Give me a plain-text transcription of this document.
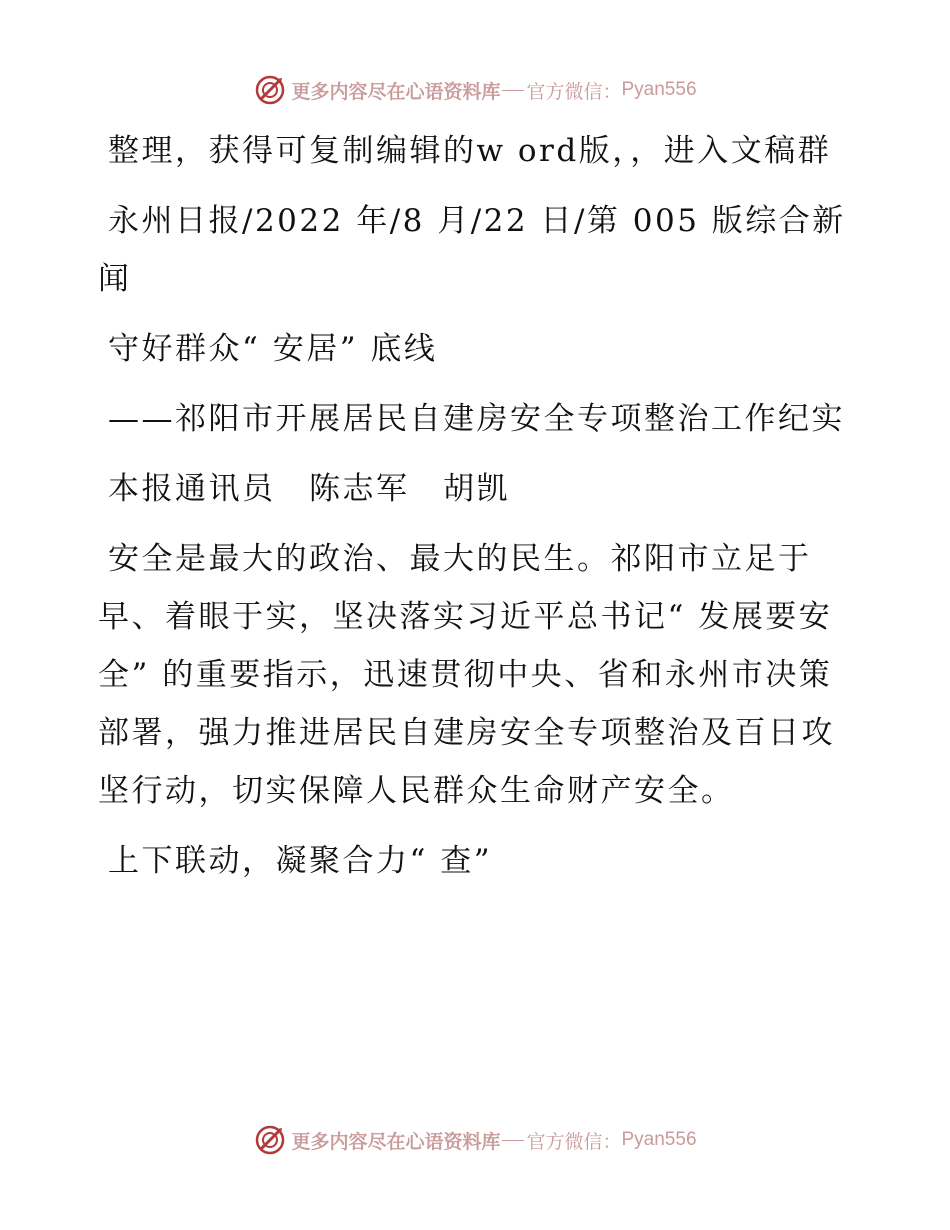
更多内容尽在心语资料库 官方微信： Pyan556

整理，获得可复制编辑的w ord版，，进入文稿群

永州日报/2022 年/8 月/22 日/第 005 版综合新闻

守好群众“ 安居” 底线

——祁阳市开展居民自建房安全专项整治工作纪实

本报通讯员　陈志军　胡凯

安全是最大的政治、最大的民生。祁阳市立足于早、着眼于实，坚决落实习近平总书记“ 发展要安全” 的重要指示，迅速贯彻中央、省和永州市决策部署，强力推进居民自建房安全专项整治及百日攻坚行动，切实保障人民群众生命财产安全。

上下联动，凝聚合力“ 查”

更多内容尽在心语资料库 官方微信： Pyan556
